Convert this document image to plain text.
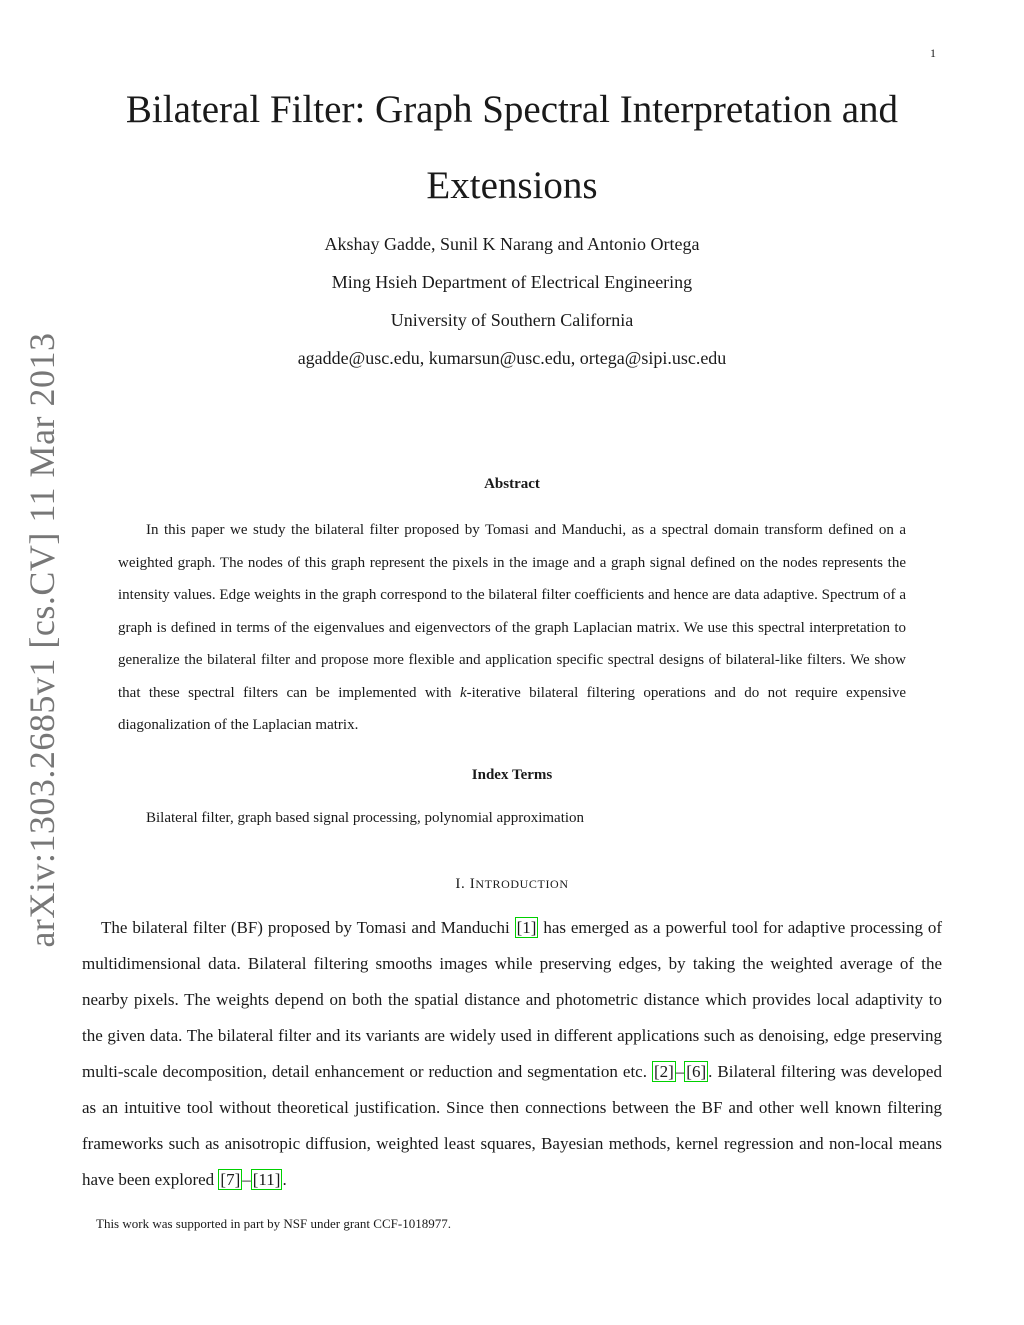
1
arXiv:1303.2685v1 [cs.CV] 11 Mar 2013
Bilateral Filter: Graph Spectral Interpretation and
Extensions
Akshay Gadde, Sunil K Narang and Antonio Ortega
Ming Hsieh Department of Electrical Engineering
University of Southern California
agadde@usc.edu, kumarsun@usc.edu, ortega@sipi.usc.edu
Abstract

In this paper we study the bilateral filter proposed by Tomasi and Manduchi, as a spectral domain transform defined on a weighted graph. The nodes of this graph represent the pixels in the image and a graph signal defined on the nodes represents the intensity values. Edge weights in the graph correspond to the bilateral filter coefficients and hence are data adaptive. Spectrum of a graph is defined in terms of the eigenvalues and eigenvectors of the graph Laplacian matrix. We use this spectral interpretation to generalize the bilateral filter and propose more flexible and application specific spectral designs of bilateral-like filters. We show that these spectral filters can be implemented with k-iterative bilateral filtering operations and do not require expensive diagonalization of the Laplacian matrix.

Index Terms

Bilateral filter, graph based signal processing, polynomial approximation

I. INTRODUCTION

The bilateral filter (BF) proposed by Tomasi and Manduchi [1] has emerged as a powerful tool for adaptive processing of multidimensional data. Bilateral filtering smooths images while preserving edges, by taking the weighted average of the nearby pixels. The weights depend on both the spatial distance and photometric distance which provides local adaptivity to the given data. The bilateral filter and its variants are widely used in different applications such as denoising, edge preserving multi-scale decomposition, detail enhancement or reduction and segmentation etc. [2] – [6] . Bilateral filtering was developed as an intuitive tool without theoretical justification. Since then connections between the BF and other well known filtering frameworks such as anisotropic diffusion, weighted least squares, Bayesian methods, kernel regression and non-local means have been explored [7] – [11] .

This work was supported in part by NSF under grant CCF-1018977.
